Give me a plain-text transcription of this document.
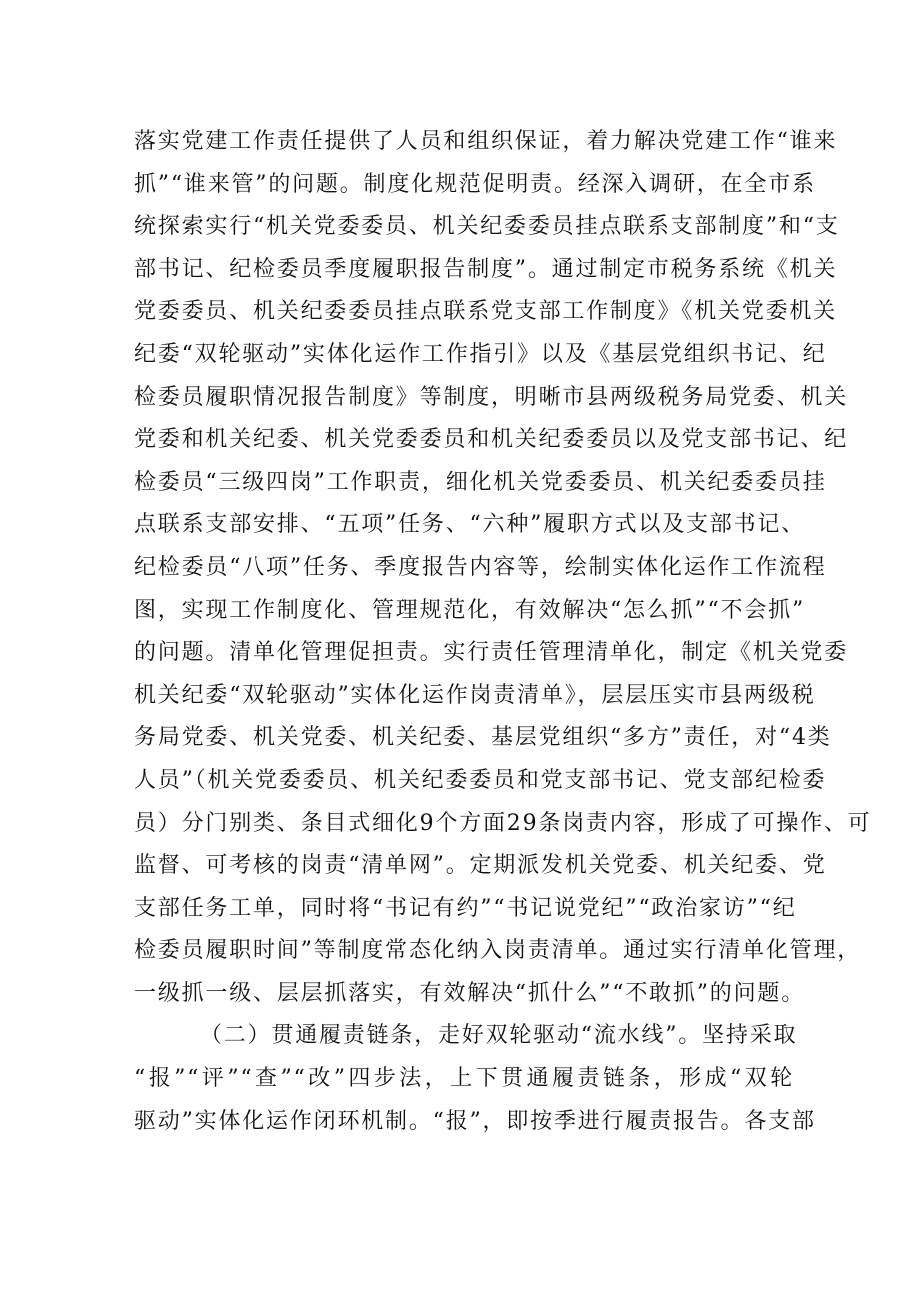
落实党建工作责任提供了人员和组织保证，着力解决党建工作“谁来
抓”“谁来管”的问题。制度化规范促明责。经深入调研，在全市系
统探索实行“机关党委委员、机关纪委委员挂点联系支部制度”和“支
部书记、纪检委员季度履职报告制度”。通过制定市税务系统《机关
党委委员、机关纪委委员挂点联系党支部工作制度》《机关党委机关
纪委“双轮驱动”实体化运作工作指引》以及《基层党组织书记、纪
检委员履职情况报告制度》等制度，明晰市县两级税务局党委、机关
党委和机关纪委、机关党委委员和机关纪委委员以及党支部书记、纪
检委员“三级四岗”工作职责，细化机关党委委员、机关纪委委员挂
点联系支部安排、“五项”任务、“六种”履职方式以及支部书记、
纪检委员“八项”任务、季度报告内容等，绘制实体化运作工作流程
图，实现工作制度化、管理规范化，有效解决“怎么抓”“不会抓”
的问题。清单化管理促担责。实行责任管理清单化，制定《机关党委
机关纪委“双轮驱动”实体化运作岗责清单》，层层压实市县两级税
务局党委、机关党委、机关纪委、基层党组织“多方”责任，对“4类
人员”（机关党委委员、机关纪委委员和党支部书记、党支部纪检委
员）分门别类、条目式细化9个方面29条岗责内容，形成了可操作、可
监督、可考核的岗责“清单网”。定期派发机关党委、机关纪委、党
支部任务工单，同时将“书记有约”“书记说党纪”“政治家访”“纪
检委员履职时间”等制度常态化纳入岗责清单。通过实行清单化管理，
一级抓一级、层层抓落实，有效解决“抓什么”“不敢抓”的问题。
（二）贯通履责链条，走好双轮驱动“流水线”。坚持采取
“报”“评”“查”“改”四步法，上下贯通履责链条，形成“双轮
驱动”实体化运作闭环机制。“报”，即按季进行履责报告。各支部
